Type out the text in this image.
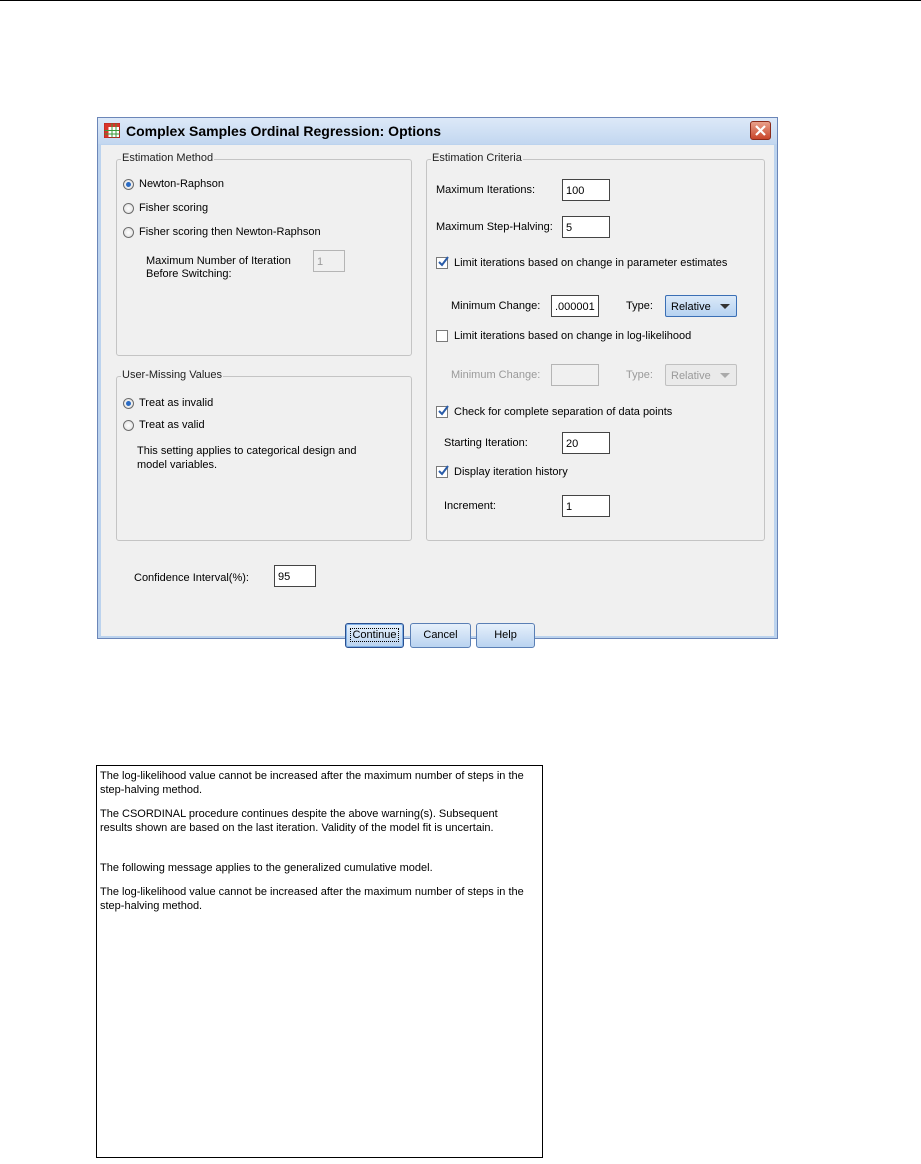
Complex Samples Ordinal Regression: Options
Estimation Method
Newton-Raphson
Fisher scoring
Fisher scoring then Newton-Raphson
Maximum Number of Iteration
Before Switching:
1
User-Missing Values
Treat as invalid
Treat as valid
This setting applies to categorical design and model variables.
Estimation Criteria
Maximum Iterations:	100
Maximum Step-Halving:	5
Limit iterations based on change in parameter estimates
Minimum Change:	.000001	Type:	Relative
Limit iterations based on change in log-likelihood
Minimum Change:	Type:	Relative
Check for complete separation of data points
Starting Iteration:	20
Display iteration history
Increment:	1
Confidence Interval(%):	95
Continue	Cancel	Help

The log-likelihood value cannot be increased after the maximum number of steps in the step-halving method.

The CSORDINAL procedure continues despite the above warning(s). Subsequent results shown are based on the last iteration. Validity of the model fit is uncertain.

The following message applies to the generalized cumulative model.

The log-likelihood value cannot be increased after the maximum number of steps in the step-halving method.
